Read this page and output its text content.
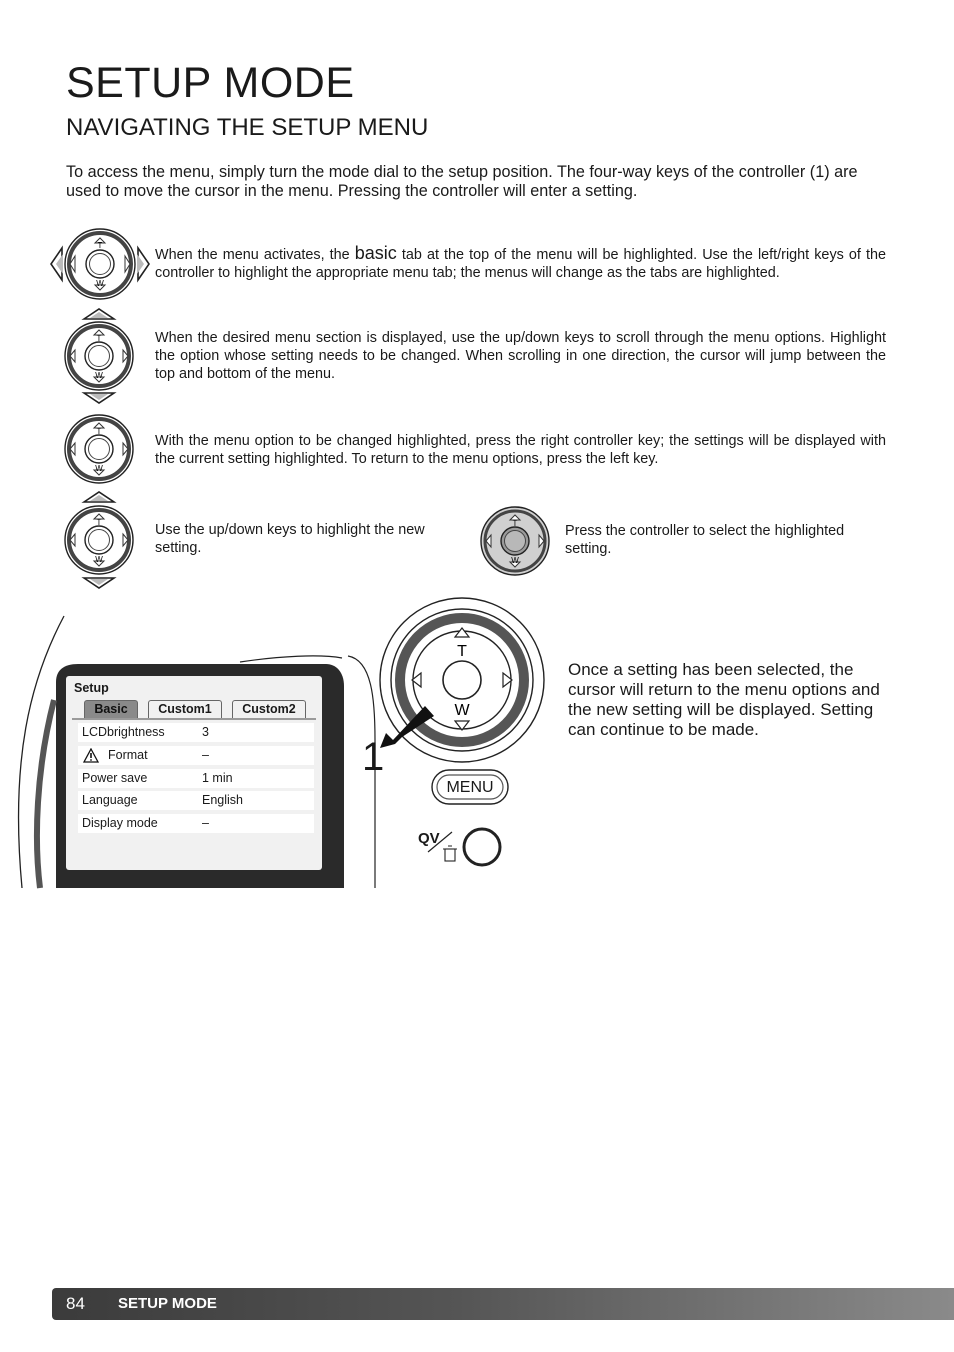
SETUP MODE
NAVIGATING THE SETUP MENU

To access the menu, simply turn the mode dial to the setup position. The four-way keys of the controller (1) are used to move the cursor in the menu. Pressing the controller will enter a setting.

T
W

When the menu activates, the basic tab at the top of the menu will be highlighted. Use the left/right keys of the controller to highlight the appropriate menu tab; the menus will change as the tabs are highlighted.

T
W

When the desired menu section is displayed, use the up/down keys to scroll through the menu options. Highlight the option whose setting needs to be changed. When scrolling in one direction, the cursor will jump between the top and bottom of the menu.

T
W

With the menu option to be changed highlighted, press the right controller key; the settings will be displayed with the current setting highlighted. To return to the menu options, press the left key.

T
W

Use the up/down keys to highlight the new setting.

T
W

Press the controller to select the highlighted setting.

T
W
1
MENU
QV
Setup
Basic	Custom1	Custom2
LCDbrightness	3
Format	–
Power save	1 min
Language	English
Display mode	–

Once a setting has been selected, the cursor will return to the menu options and the new setting will be displayed. Setting can continue to be made.

84 SETUP MODE
